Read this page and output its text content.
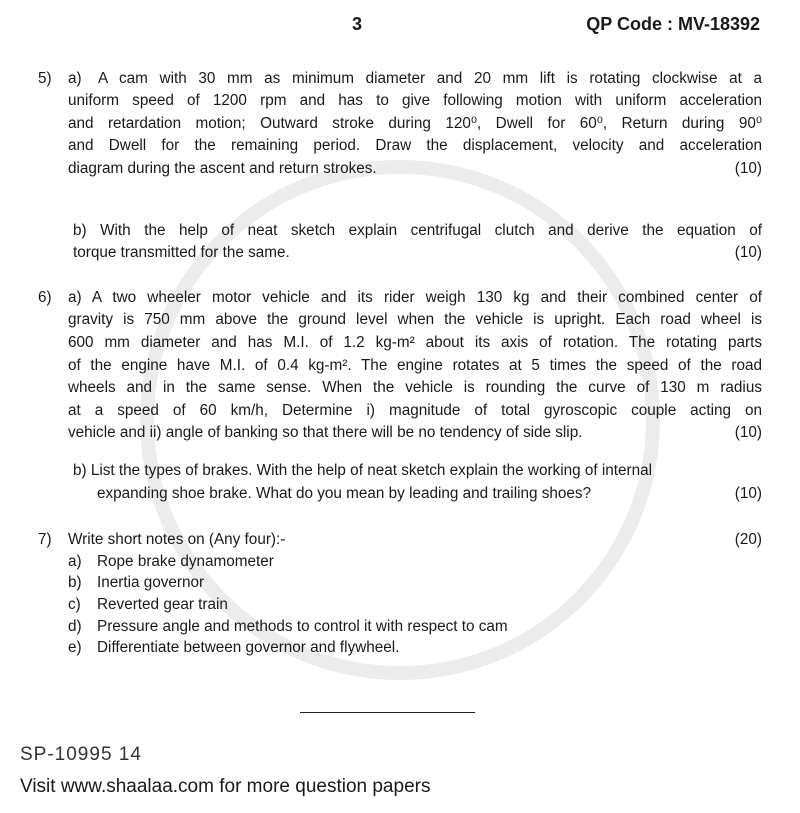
3	QP Code : MV-18392
5) a) A cam with 30 mm as minimum diameter and 20 mm lift is rotating clockwise at a
uniform speed of 1200 rpm and has to give following motion with uniform acceleration
and retardation motion; Outward stroke during 120⁰, Dwell for 60⁰, Return during 90⁰
and Dwell for the remaining period. Draw the displacement, velocity and acceleration
diagram during the ascent and return strokes.	(10)
b) With the help of neat sketch explain centrifugal clutch and derive the equation of
torque transmitted for the same.	(10)
6) a) A two wheeler motor vehicle and its rider weigh 130 kg and their combined center of
gravity is 750 mm above the ground level when the vehicle is upright. Each road wheel is
600 mm diameter and has M.I. of 1.2 kg-m² about its axis of rotation. The rotating parts
of the engine have M.I. of 0.4 kg-m². The engine rotates at 5 times the speed of the road
wheels and in the same sense. When the vehicle is rounding the curve of 130 m radius
at a speed of 60 km/h, Determine i) magnitude of total gyroscopic couple acting on
vehicle and ii) angle of banking so that there will be no tendency of side slip.	(10)
b) List the types of brakes. With the help of neat sketch explain the working of internal
expanding shoe brake. What do you mean by leading and trailing shoes?	(10)
7) Write short notes on (Any four):-	(20)
a) Rope brake dynamometer
b) Inertia governor
c) Reverted gear train
d) Pressure angle and methods to control it with respect to cam
e) Differentiate between governor and flywheel.
SP-10995 14
Visit www.shaalaa.com for more question papers
